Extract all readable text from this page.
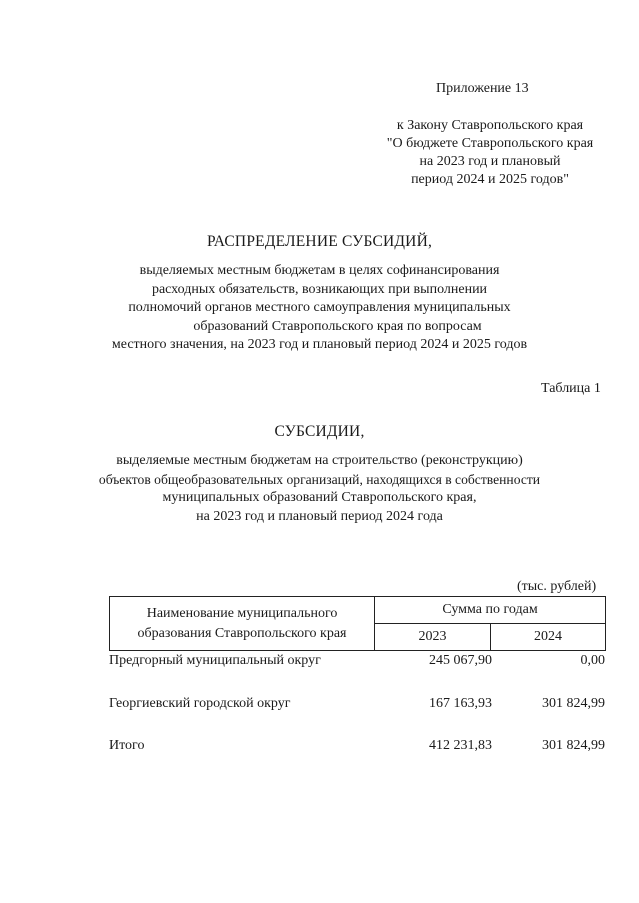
Приложение 13
к Закону Ставропольского края
"О бюджете Ставропольского края
на 2023 год и плановый
период 2024 и 2025 годов"
РАСПРЕДЕЛЕНИЕ СУБСИДИЙ,
выделяемых местным бюджетам в целях софинансирования
расходных обязательств, возникающих при выполнении
полномочий органов местного самоуправления муниципальных
образований Ставропольского края по вопросам
местного значения, на 2023 год и плановый период 2024 и 2025 годов
Таблица 1
СУБСИДИИ,
выделяемые местным бюджетам на строительство (реконструкцию)
объектов общеобразовательных организаций, находящихся в собственности
муниципальных образований Ставропольского края,
на 2023 год и плановый период 2024 года
(тыс. рублей)
Наименование муниципального
образования Ставропольского края	Сумма по годам	
	2023	2024
Предгорный муниципальный округ	245 067,90	0,00
Георгиевский городской округ	167 163,93	301 824,99
Итого	412 231,83	301 824,99
